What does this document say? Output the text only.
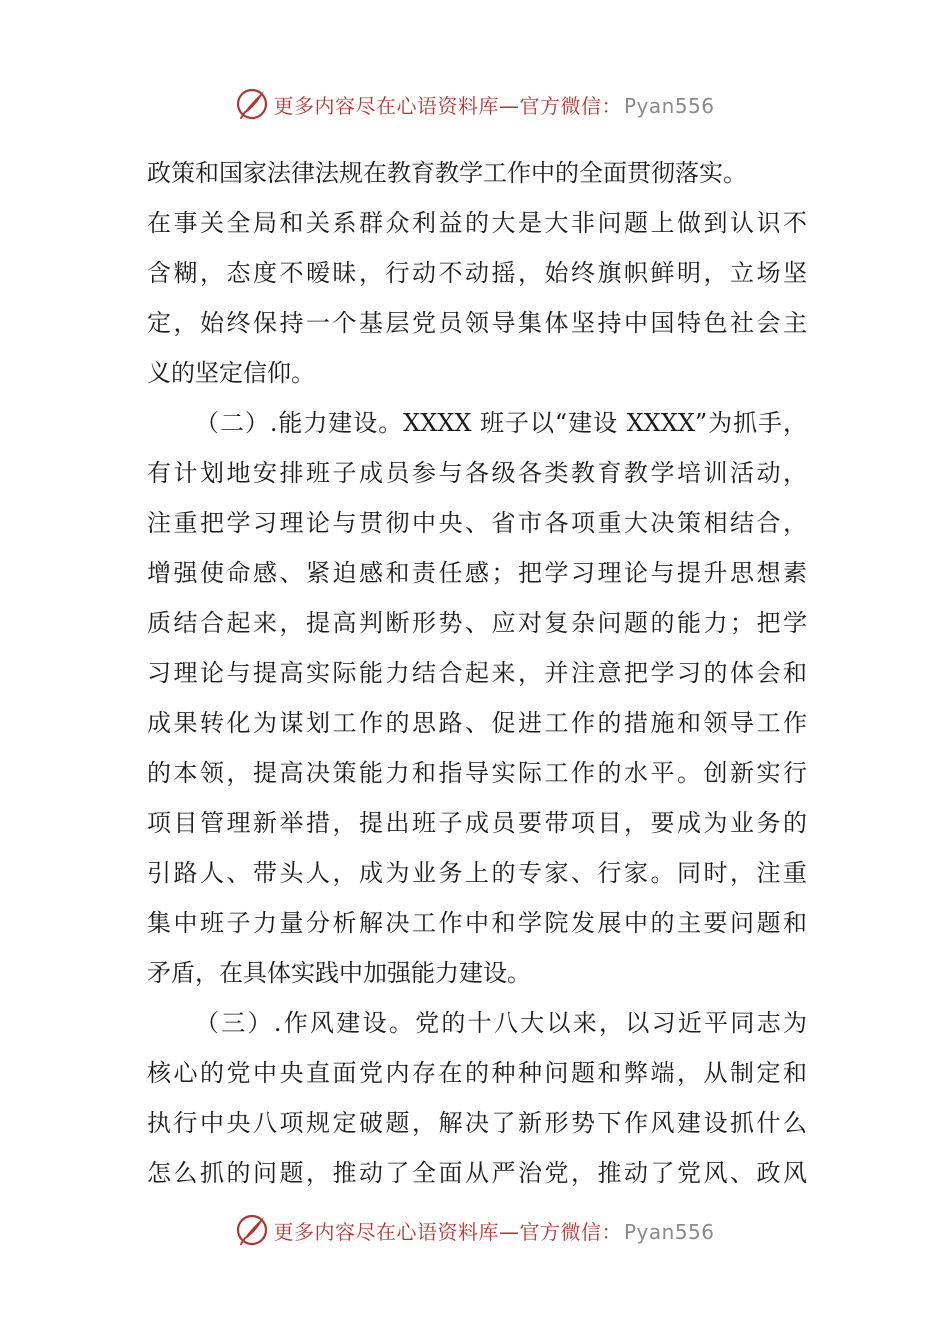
更多内容尽在心语资料库—官方微信： Pyan556
政策和国家法律法规在教育教学工作中的全面贯彻落实。
在事关全局和关系群众利益的大是大非问题上做到认识不
含糊，态度不暧昧，行动不动摇，始终旗帜鲜明，立场坚
定，始终保持一个基层党员领导集体坚持中国特色社会主
义的坚定信仰。
（二）.能力建设。XXXX 班子以“建设 XXXX”为抓手，
有计划地安排班子成员参与各级各类教育教学培训活动，
注重把学习理论与贯彻中央、省市各项重大决策相结合，
增强使命感、紧迫感和责任感；把学习理论与提升思想素
质结合起来，提高判断形势、应对复杂问题的能力；把学
习理论与提高实际能力结合起来，并注意把学习的体会和
成果转化为谋划工作的思路、促进工作的措施和领导工作
的本领，提高决策能力和指导实际工作的水平。创新实行
项目管理新举措，提出班子成员要带项目，要成为业务的
引路人、带头人，成为业务上的专家、行家。同时，注重
集中班子力量分析解决工作中和学院发展中的主要问题和
矛盾，在具体实践中加强能力建设。
（三）.作风建设。党的十八大以来，以习近平同志为
核心的党中央直面党内存在的种种问题和弊端，从制定和
执行中央八项规定破题，解决了新形势下作风建设抓什么
怎么抓的问题，推动了全面从严治党，推动了党风、政风
更多内容尽在心语资料库—官方微信： Pyan556
